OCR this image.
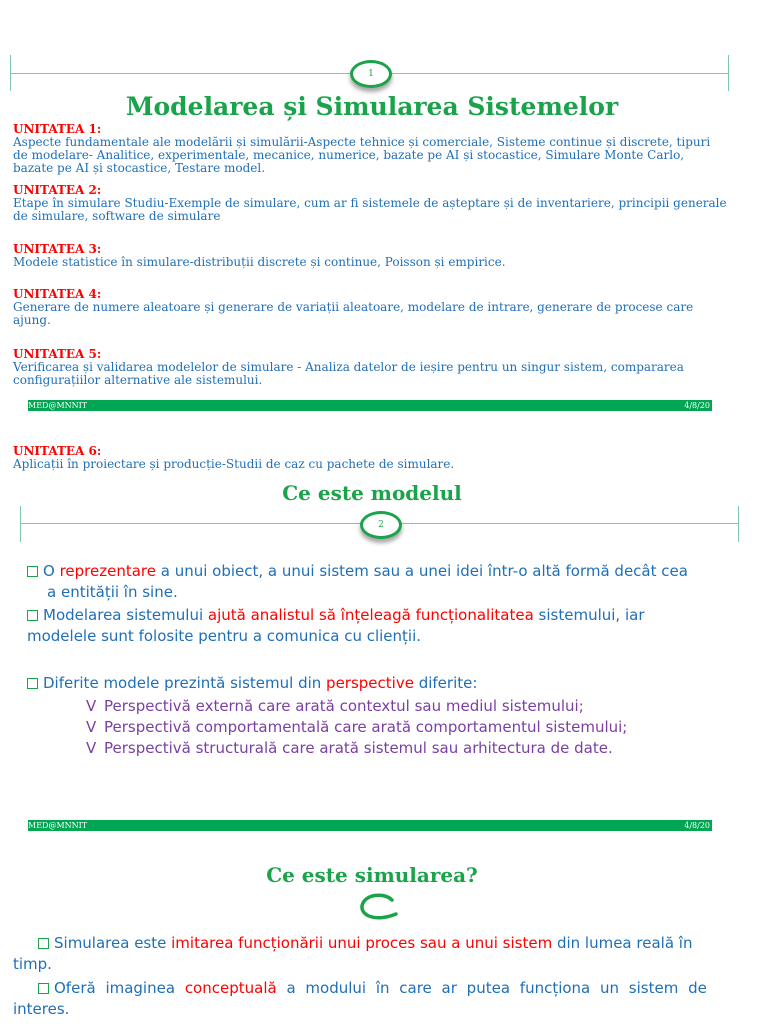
1
Modelarea și Simularea Sistemelor
UNITATEA 1:
Aspecte fundamentale ale modelării și simulării-Aspecte tehnice și comerciale, Sisteme continue și discrete, tipuri de modelare- Analitice, experimentale, mecanice, numerice, bazate pe AI și stocastice, Simulare Monte Carlo, bazate pe AI și stocastice, Testare model.
UNITATEA 2:
Etape în simulare Studiu-Exemple de simulare, cum ar fi sistemele de așteptare și de inventariere, principii generale de simulare, software de simulare
UNITATEA 3:
Modele statistice în simulare-distribuții discrete și continue, Poisson și empirice.
UNITATEA 4:
Generare de numere aleatoare și generare de variații aleatoare, modelare de intrare, generare de procese care ajung.
UNITATEA 5:
Verificarea și validarea modelelor de simulare - Analiza datelor de ieșire pentru un singur sistem, compararea configurațiilor alternative ale sistemului.
MED@MNNIT	4/8/20
UNITATEA 6:
Aplicații în proiectare și producție-Studii de caz cu pachete de simulare.
Ce este modelul
2
O reprezentare a unui obiect, a unui sistem sau a unei idei într-o altă formă decât cea
a entității în sine.
Modelarea sistemului ajută analistul să înțeleagă funcționalitatea sistemului, iar
modelele sunt folosite pentru a comunica cu clienții.
Diferite modele prezintă sistemul din perspective diferite:
V Perspectivă externă care arată contextul sau mediul sistemului;
V Perspectivă comportamentală care arată comportamentul sistemului;
V Perspectivă structurală care arată sistemul sau arhitectura de date.
MED@MNNIT	4/8/20
Ce este simularea?
Simularea este imitarea funcționării unui proces sau a unui sistem din lumea reală în
timp.
Oferă imaginea conceptuală a modului în care ar putea funcționa un sistem de
interes.
